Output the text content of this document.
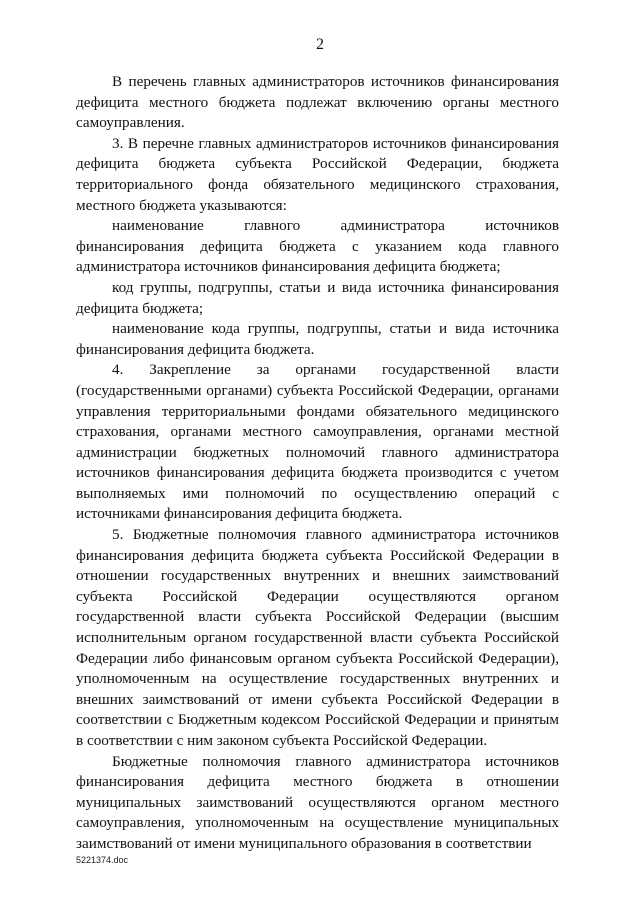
2

В перечень главных администраторов источников финансирования дефицита местного бюджета подлежат включению органы местного самоуправления.

3. В перечне главных администраторов источников финансирования дефицита бюджета субъекта Российской Федерации, бюджета территориального фонда обязательного медицинского страхования, местного бюджета указываются:

наименование главного администратора источников финансирования дефицита бюджета с указанием кода главного администратора источников финансирования дефицита бюджета;

код группы, подгруппы, статьи и вида источника финансирования дефицита бюджета;

наименование кода группы, подгруппы, статьи и вида источника финансирования дефицита бюджета.

4. Закрепление за органами государственной власти (государственными органами) субъекта Российской Федерации, органами управления территориальными фондами обязательного медицинского страхования, органами местного самоуправления, органами местной администрации бюджетных полномочий главного администратора источников финансирования дефицита бюджета производится с учетом выполняемых ими полномочий по осуществлению операций с источниками финансирования дефицита бюджета.

5. Бюджетные полномочия главного администратора источников финансирования дефицита бюджета субъекта Российской Федерации в отношении государственных внутренних и внешних заимствований субъекта Российской Федерации осуществляются органом государственной власти субъекта Российской Федерации (высшим исполнительным органом государственной власти субъекта Российской Федерации либо финансовым органом субъекта Российской Федерации), уполномоченным на осуществление государственных внутренних и внешних заимствований от имени субъекта Российской Федерации в соответствии с Бюджетным кодексом Российской Федерации и принятым в соответствии с ним законом субъекта Российской Федерации.

Бюджетные полномочия главного администратора источников финансирования дефицита местного бюджета в отношении муниципальных заимствований осуществляются органом местного самоуправления, уполномоченным на осуществление муниципальных заимствований от имени муниципального образования в соответствии

5221374.doc
